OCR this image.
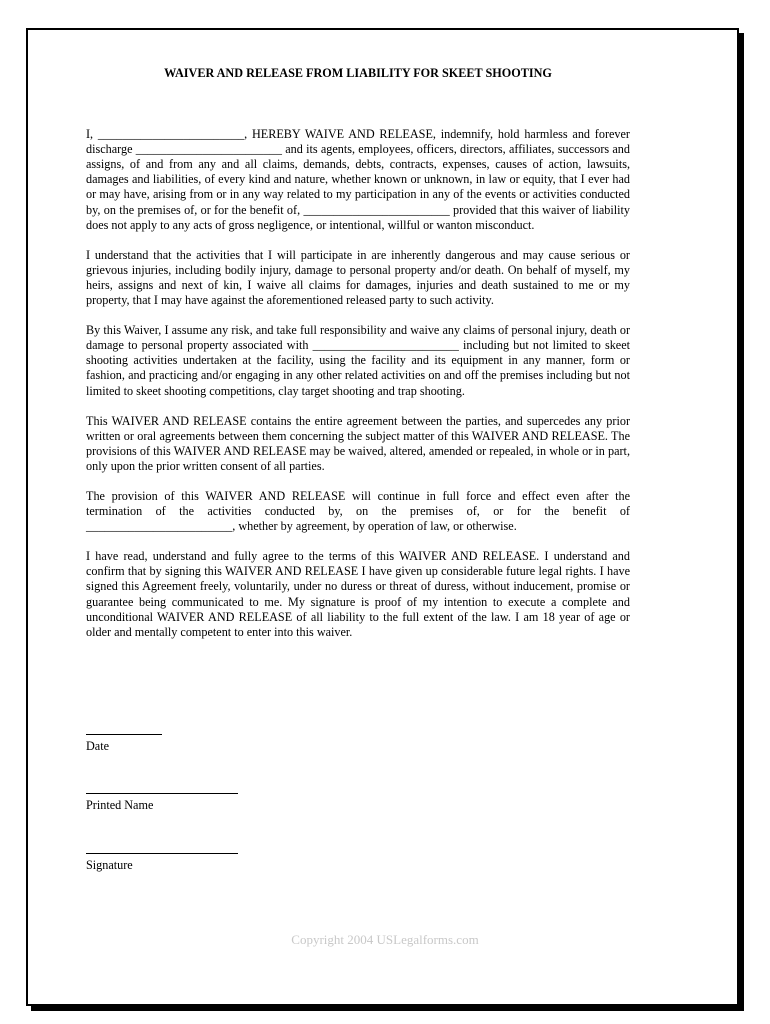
WAIVER AND RELEASE FROM LIABILITY FOR SKEET SHOOTING

I, ________________________, HEREBY WAIVE AND RELEASE, indemnify, hold harmless and forever discharge ________________________ and its agents, employees, officers, directors, affiliates, successors and assigns, of and from any and all claims, demands, debts, contracts, expenses, causes of action, lawsuits, damages and liabilities, of every kind and nature, whether known or unknown, in law or equity, that I ever had or may have, arising from or in any way related to my participation in any of the events or activities conducted by, on the premises of, or for the benefit of, ________________________ provided that this waiver of liability does not apply to any acts of gross negligence, or intentional, willful or wanton misconduct.

I understand that the activities that I will participate in are inherently dangerous and may cause serious or grievous injuries, including bodily injury, damage to personal property and/or death. On behalf of myself, my heirs, assigns and next of kin, I waive all claims for damages, injuries and death sustained to me or my property, that I may have against the aforementioned released party to such activity.

By this Waiver, I assume any risk, and take full responsibility and waive any claims of personal injury, death or damage to personal property associated with ________________________ including but not limited to skeet shooting activities undertaken at the facility, using the facility and its equipment in any manner, form or fashion, and practicing and/or engaging in any other related activities on and off the premises including but not limited to skeet shooting competitions, clay target shooting and trap shooting.

This WAIVER AND RELEASE contains the entire agreement between the parties, and supercedes any prior written or oral agreements between them concerning the subject matter of this WAIVER AND RELEASE. The provisions of this WAIVER AND RELEASE may be waived, altered, amended or repealed, in whole or in part, only upon the prior written consent of all parties.

The provision of this WAIVER AND RELEASE will continue in full force and effect even after the termination of the activities conducted by, on the premises of, or for the benefit of ________________________, whether by agreement, by operation of law, or otherwise.

I have read, understand and fully agree to the terms of this WAIVER AND RELEASE. I understand and confirm that by signing this WAIVER AND RELEASE I have given up considerable future legal rights. I have signed this Agreement freely, voluntarily, under no duress or threat of duress, without inducement, promise or guarantee being communicated to me. My signature is proof of my intention to execute a complete and unconditional WAIVER AND RELEASE of all liability to the full extent of the law. I am 18 year of age or older and mentally competent to enter into this waiver.

Date
Printed Name
Signature
Copyright 2004 USLegalforms.com
